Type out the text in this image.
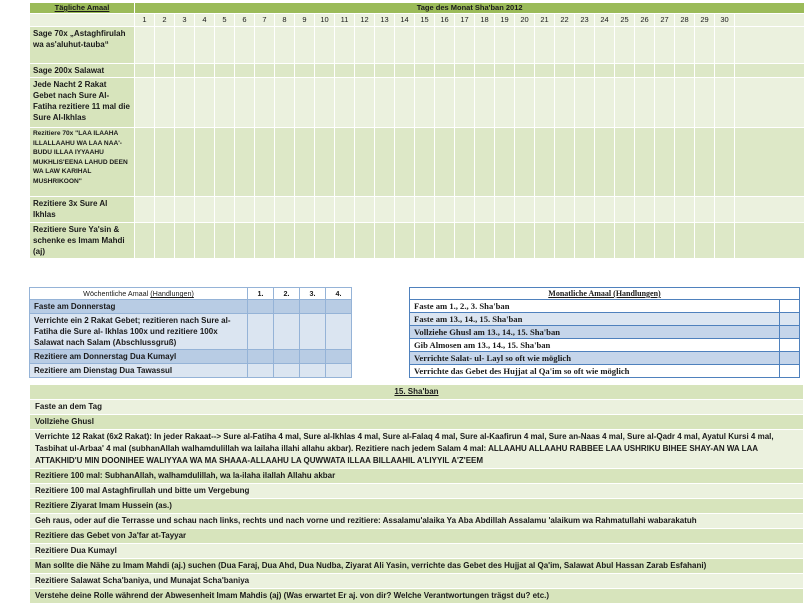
Tägliche Amaal	Tage des Monat Sha'ban 2012																														
	1	2	3	4	5	6	7	8	9	10	11	12	13	14	15	16	17	18	19	20	21	22	23	24	25	26	27	28	29	30	
Sage 70x „Astaghfirulah wa as'aluhut-tauba“																															
Sage 200x Salawat																															
Jede Nacht 2 Rakat Gebet nach Sure Al-Fatiha rezitiere 11 mal die Sure Al-Ikhlas																															
Rezitiere 70x "LAA ILAAHA ILLALLAAHU WA LAA NAA'-BUDU ILLAA IYYAAHU MUKHLIS'EENA LAHUD DEEN WA LAW KARIHAL MUSHRIKOON"																															
Rezitiere 3x Sure Al Ikhlas																															
Rezitiere Sure Ya'sin & schenke es Imam Mahdi (aj)																															
Wöchentliche Amaal (Handlungen)	1.	2.	3.	4.
Faste am Donnerstag				
Verrichte ein 2 Rakat Gebet; rezitieren nach Sure al- Fatiha die Sure al- Ikhlas 100x und rezitiere 100x Salawat nach Salam (Abschlussgruß)				
Rezitiere am Donnerstag Dua Kumayl				
Rezitiere am Dienstag Dua Tawassul				
Monatliche Amaal (Handlungen)	
Faste am 1., 2., 3. Sha'ban	
Faste am 13., 14., 15. Sha'ban	
Vollziehe Ghusl am 13., 14., 15. Sha'ban	
Gib Almosen am 13., 14., 15. Sha'ban	
Verrichte Salat- ul- Layl so oft wie möglich	
Verrichte das Gebet des Hujjat al Qa'im so oft wie möglich	
15. Sha'ban
Faste an dem Tag
Vollziehe Ghusl
Verrichte 12 Rakat (6x2 Rakat): In jeder Rakaat--> Sure al-Fatiha 4 mal, Sure al-Ikhlas 4 mal, Sure al-Falaq 4 mal, Sure al-Kaafirun 4 mal, Sure an-Naas 4 mal, Sure al-Qadr 4 mal, Ayatul Kursi 4 mal, Tasbihat ul-Arbaa' 4 mal (subhanAllah walhamdulillah wa lailaha illahi allahu akbar). Rezitiere nach jedem Salam 4 mal: ALLAAHU ALLAAHU RABBEE LAA USHRIKU BIHEE SHAY-AN WA LAA ATTAKHID'U MIN DOONIHEE WALIYYAA WA MA SHAAA-ALLAAHU LA QUWWATA ILLAA BILLAAHIL A'LIYYIL A'Z'EEM
Rezitiere 100 mal: SubhanAllah, walhamdulillah, wa la-ilaha ilallah Allahu akbar
Rezitiere 100 mal Astaghfirullah und bitte um Vergebung
Rezitiere Ziyarat Imam Hussein (as.)
Geh raus, oder auf die Terrasse und schau nach links, rechts und nach vorne und rezitiere: Assalamu'alaika Ya Aba Abdillah Assalamu 'alaikum wa Rahmatullahi wabarakatuh
Rezitiere das Gebet von Ja'far at-Tayyar
Rezitiere Dua Kumayl
Man sollte die Nähe zu Imam Mahdi (aj.) suchen (Dua Faraj, Dua Ahd, Dua Nudba, Ziyarat Ali Yasin, verrichte das Gebet des Hujjat al Qa'im, Salawat Abul Hassan Zarab Esfahani)
Rezitiere Salawat Scha'baniya, und Munajat Scha'baniya
Verstehe deine Rolle während der Abwesenheit Imam Mahdis (aj) (Was erwartet Er aj. von dir? Welche Verantwortungen trägst du? etc.)
